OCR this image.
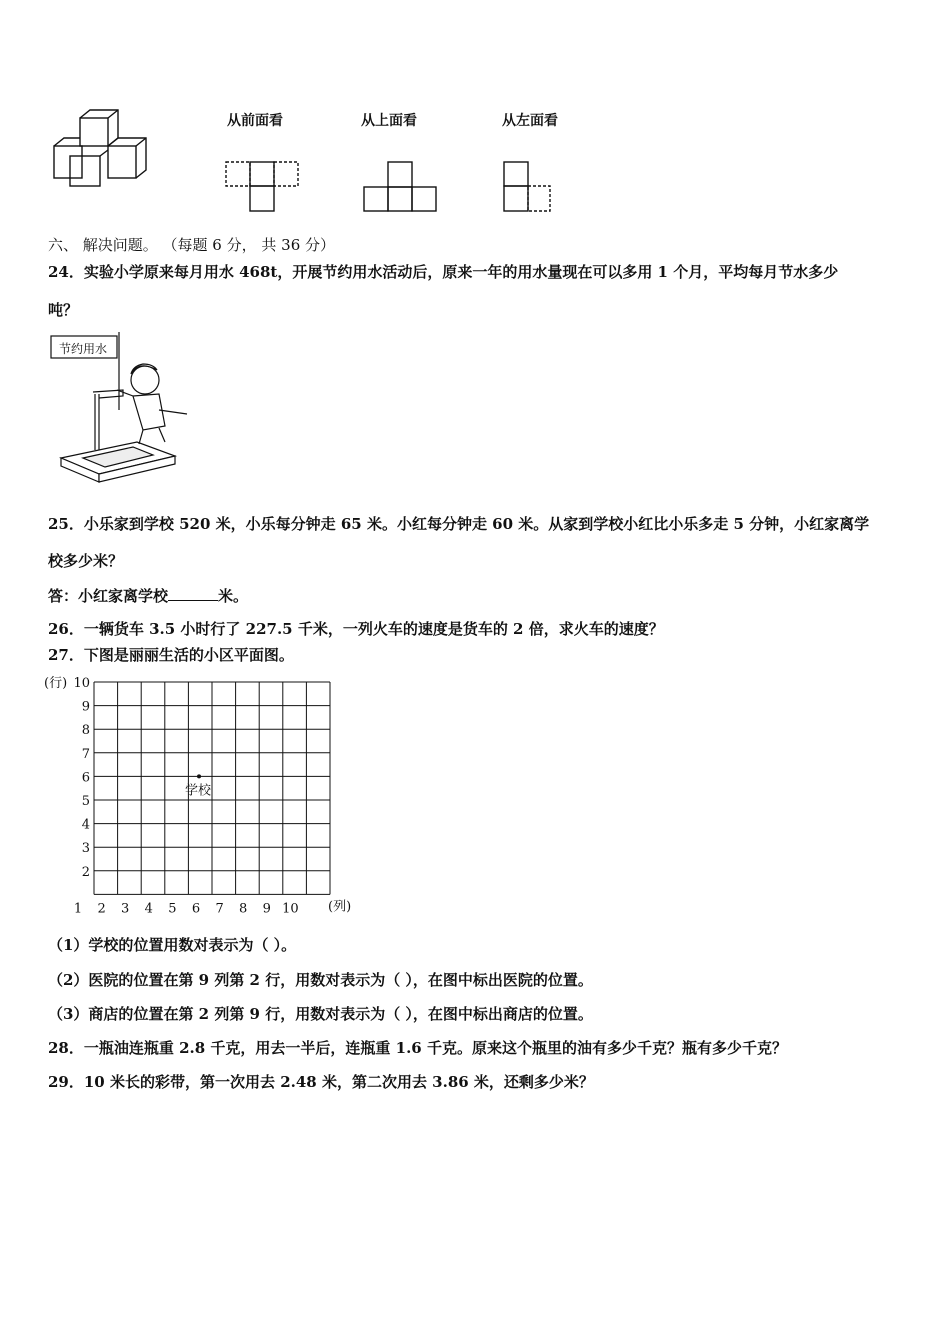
从前面看	从上面看	从左面看
六、 解决问题。 （每题 6 分， 共 36 分）
24．实验小学原来每月用水 468t，开展节约用水活动后，原来一年的用水量现在可以多用 1 个月，平均每月节水多少
吨？
节约用水
25．小乐家到学校 520 米，小乐每分钟走 65 米。小红每分钟走 60 米。从家到学校小红比小乐多走 5 分钟，小红家离学
校多少米？
答：小红家离学校	米。
26．一辆货车 3.5 小时行了 227.5 千米，一列火车的速度是货车的 2 倍，求火车的速度？
27．下图是丽丽生活的小区平面图。
10
9
8
7
6
5
4
3
2
(行)
1 2 3 4 5 6 7 8 9 10 (列)
学校
（1）学校的位置用数对表示为（ ）。
（2）医院的位置在第 9 列第 2 行，用数对表示为（ ），在图中标出医院的位置。
（3）商店的位置在第 2 列第 9 行，用数对表示为（ ），在图中标出商店的位置。
28．一瓶油连瓶重 2.8 千克，用去一半后，连瓶重 1.6 千克。原来这个瓶里的油有多少千克？瓶有多少千克？
29．10 米长的彩带，第一次用去 2.48 米，第二次用去 3.86 米，还剩多少米？
